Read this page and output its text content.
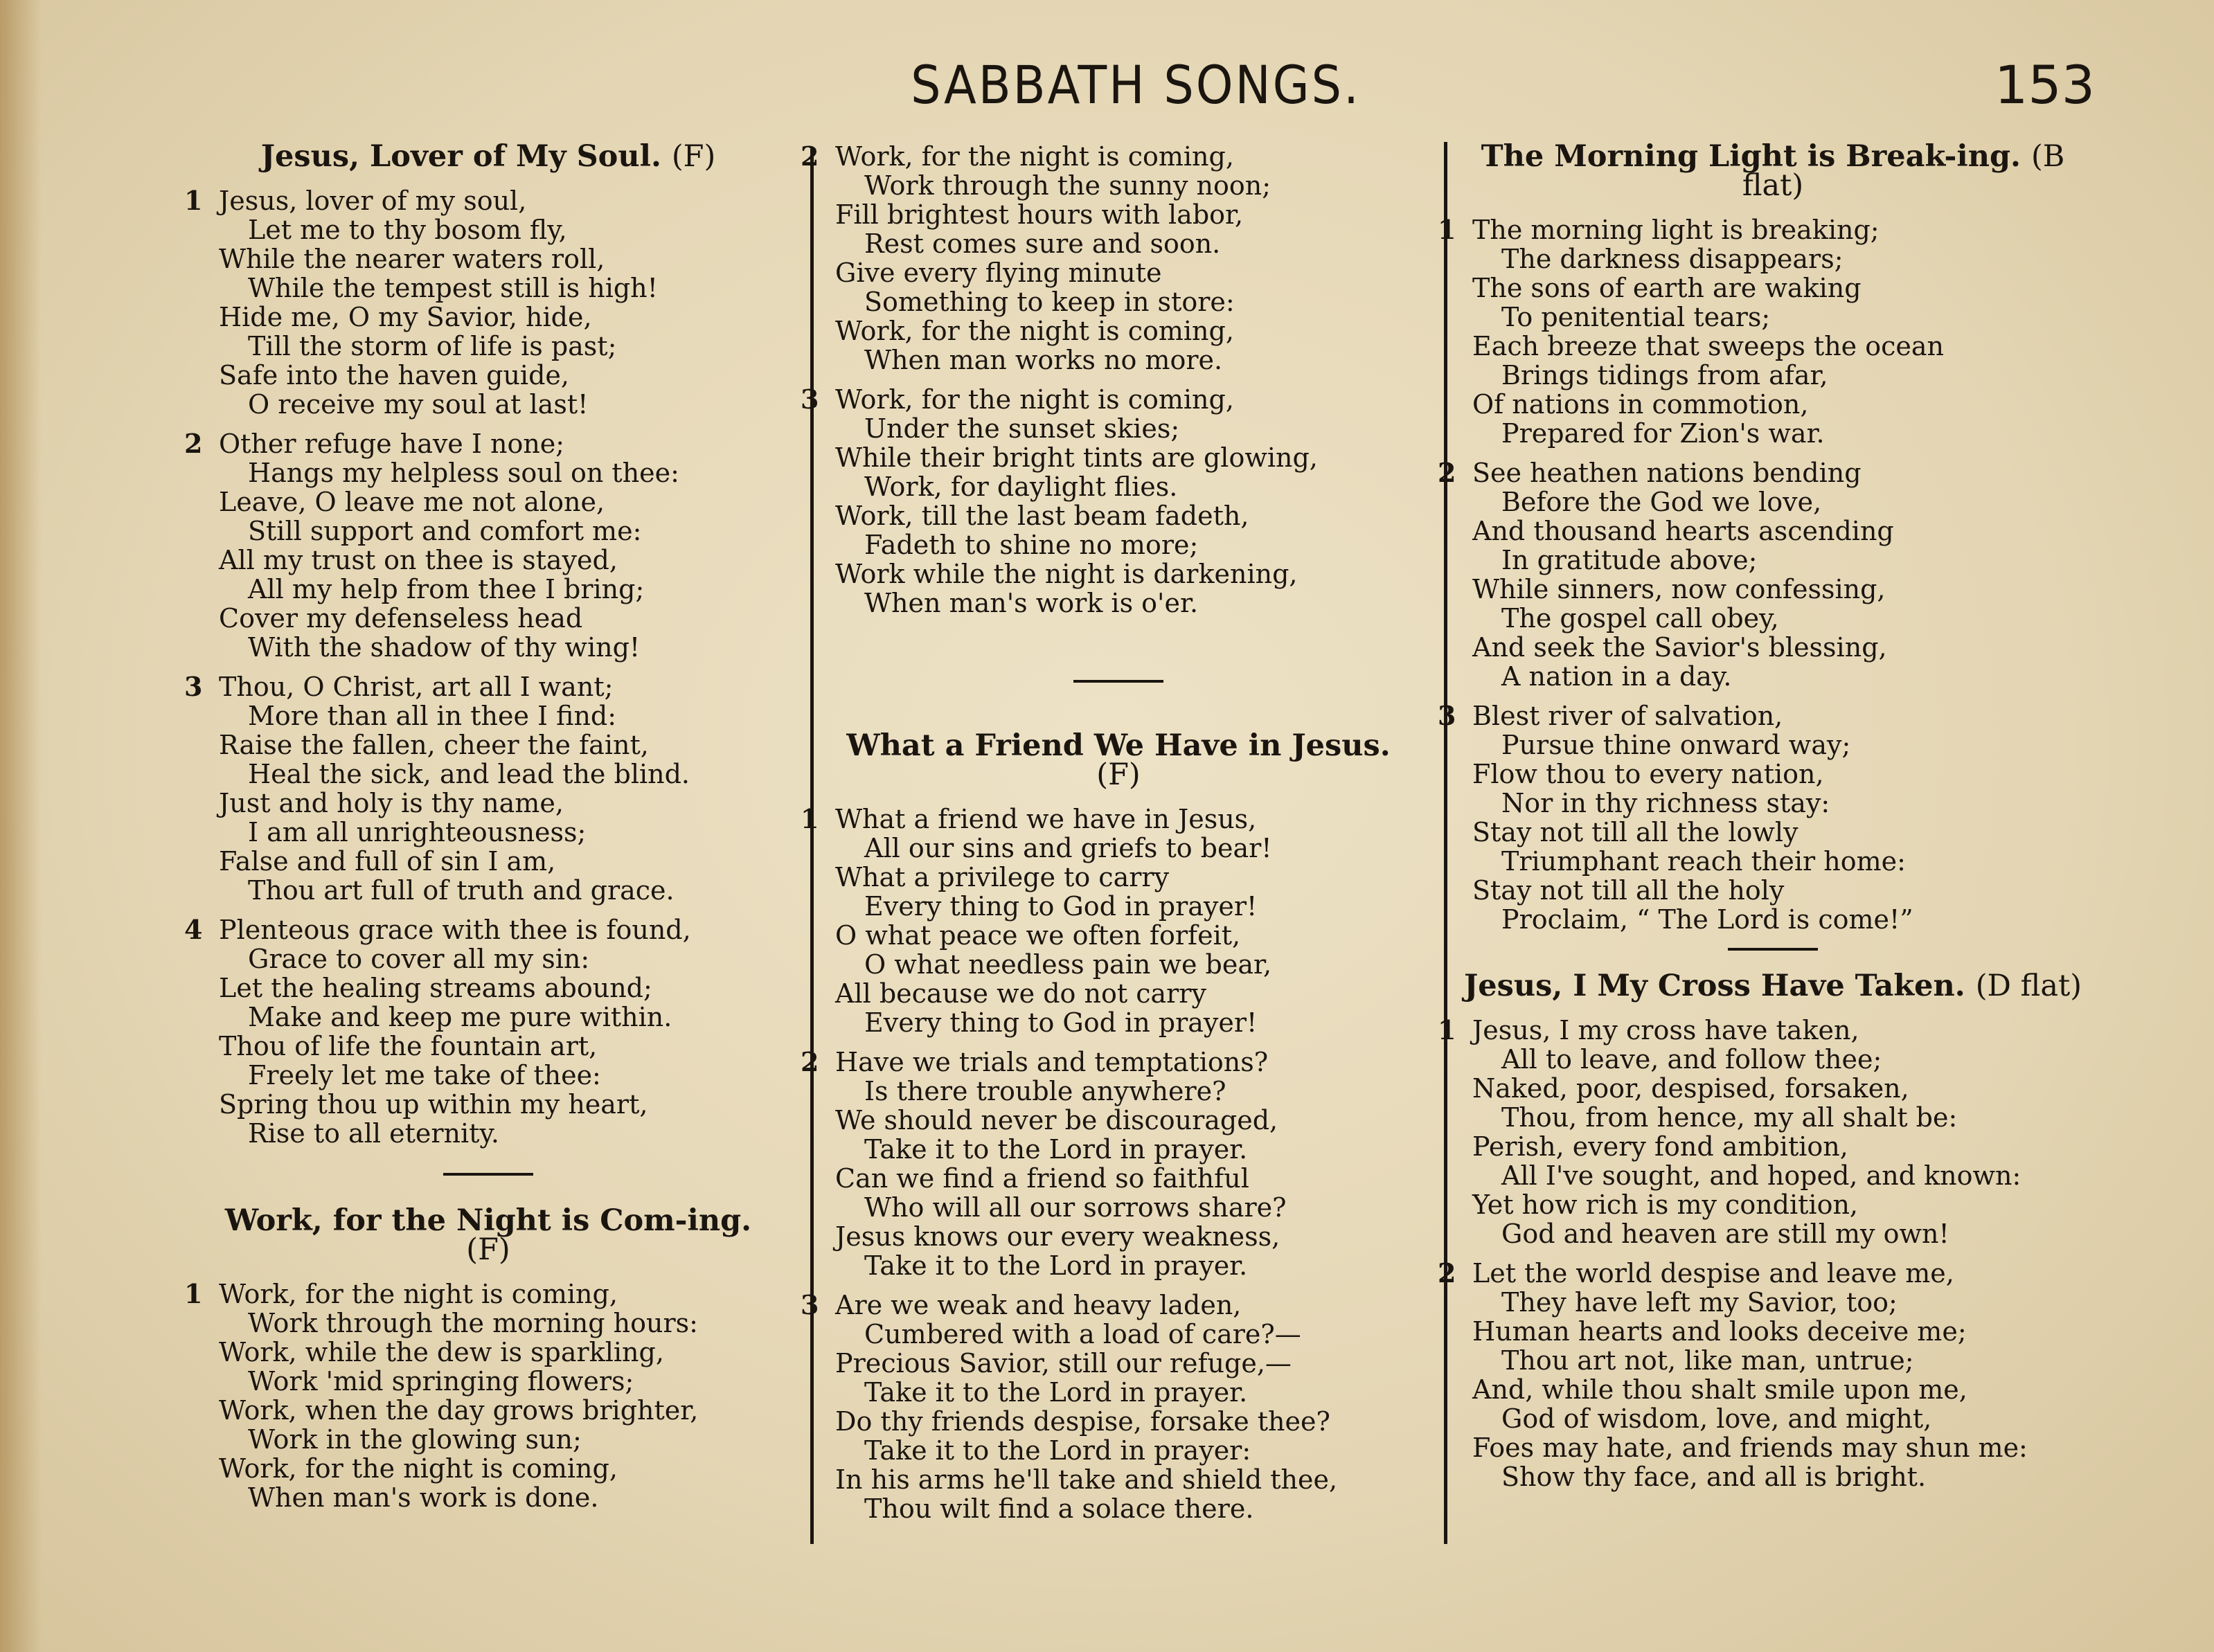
SABBATH SONGS.	153
Jesus, Lover of My Soul. (F)
1 Jesus, lover of my soul,
Let me to thy bosom fly,
While the nearer waters roll,
While the tempest still is high!
Hide me, O my Savior, hide,
Till the storm of life is past;
Safe into the haven guide,
O receive my soul at last!
2 Other refuge have I none;
Hangs my helpless soul on thee:
Leave, O leave me not alone,
Still support and comfort me:
All my trust on thee is stayed,
All my help from thee I bring;
Cover my defenseless head
With the shadow of thy wing!
3 Thou, O Christ, art all I want;
More than all in thee I find:
Raise the fallen, cheer the faint,
Heal the sick, and lead the blind.
Just and holy is thy name,
I am all unrighteousness;
False and full of sin I am,
Thou art full of truth and grace.
4 Plenteous grace with thee is found,
Grace to cover all my sin:
Let the healing streams abound;
Make and keep me pure within.
Thou of life the fountain art,
Freely let me take of thee:
Spring thou up within my heart,
Rise to all eternity.
Work, for the Night is Com-ing. (F)
1 Work, for the night is coming,
Work through the morning hours:
Work, while the dew is sparkling,
Work 'mid springing flowers;
Work, when the day grows brighter,
Work in the glowing sun;
Work, for the night is coming,
When man's work is done.
2 Work, for the night is coming,
Work through the sunny noon;
Fill brightest hours with labor,
Rest comes sure and soon.
Give every flying minute
Something to keep in store:
Work, for the night is coming,
When man works no more.
3 Work, for the night is coming,
Under the sunset skies;
While their bright tints are glowing,
Work, for daylight flies.
Work, till the last beam fadeth,
Fadeth to shine no more;
Work while the night is darkening,
When man's work is o'er.
What a Friend We Have in Jesus. (F)
1 What a friend we have in Jesus,
All our sins and griefs to bear!
What a privilege to carry
Every thing to God in prayer!
O what peace we often forfeit,
O what needless pain we bear,
All because we do not carry
Every thing to God in prayer!
2 Have we trials and temptations?
Is there trouble anywhere?
We should never be discouraged,
Take it to the Lord in prayer.
Can we find a friend so faithful
Who will all our sorrows share?
Jesus knows our every weakness,
Take it to the Lord in prayer.
3 Are we weak and heavy laden,
Cumbered with a load of care?—
Precious Savior, still our refuge,—
Take it to the Lord in prayer.
Do thy friends despise, forsake thee?
Take it to the Lord in prayer:
In his arms he'll take and shield thee,
Thou wilt find a solace there.
The Morning Light is Break-ing. (B flat)
1 The morning light is breaking;
The darkness disappears;
The sons of earth are waking
To penitential tears;
Each breeze that sweeps the ocean
Brings tidings from afar,
Of nations in commotion,
Prepared for Zion's war.
2 See heathen nations bending
Before the God we love,
And thousand hearts ascending
In gratitude above;
While sinners, now confessing,
The gospel call obey,
And seek the Savior's blessing,
A nation in a day.
3 Blest river of salvation,
Pursue thine onward way;
Flow thou to every nation,
Nor in thy richness stay:
Stay not till all the lowly
Triumphant reach their home:
Stay not till all the holy
Proclaim, “ The Lord is come!”
Jesus, I My Cross Have Taken. (D flat)
1 Jesus, I my cross have taken,
All to leave, and follow thee;
Naked, poor, despised, forsaken,
Thou, from hence, my all shalt be:
Perish, every fond ambition,
All I've sought, and hoped, and known:
Yet how rich is my condition,
God and heaven are still my own!
2 Let the world despise and leave me,
They have left my Savior, too;
Human hearts and looks deceive me;
Thou art not, like man, untrue;
And, while thou shalt smile upon me,
God of wisdom, love, and might,
Foes may hate, and friends may shun me:
Show thy face, and all is bright.
